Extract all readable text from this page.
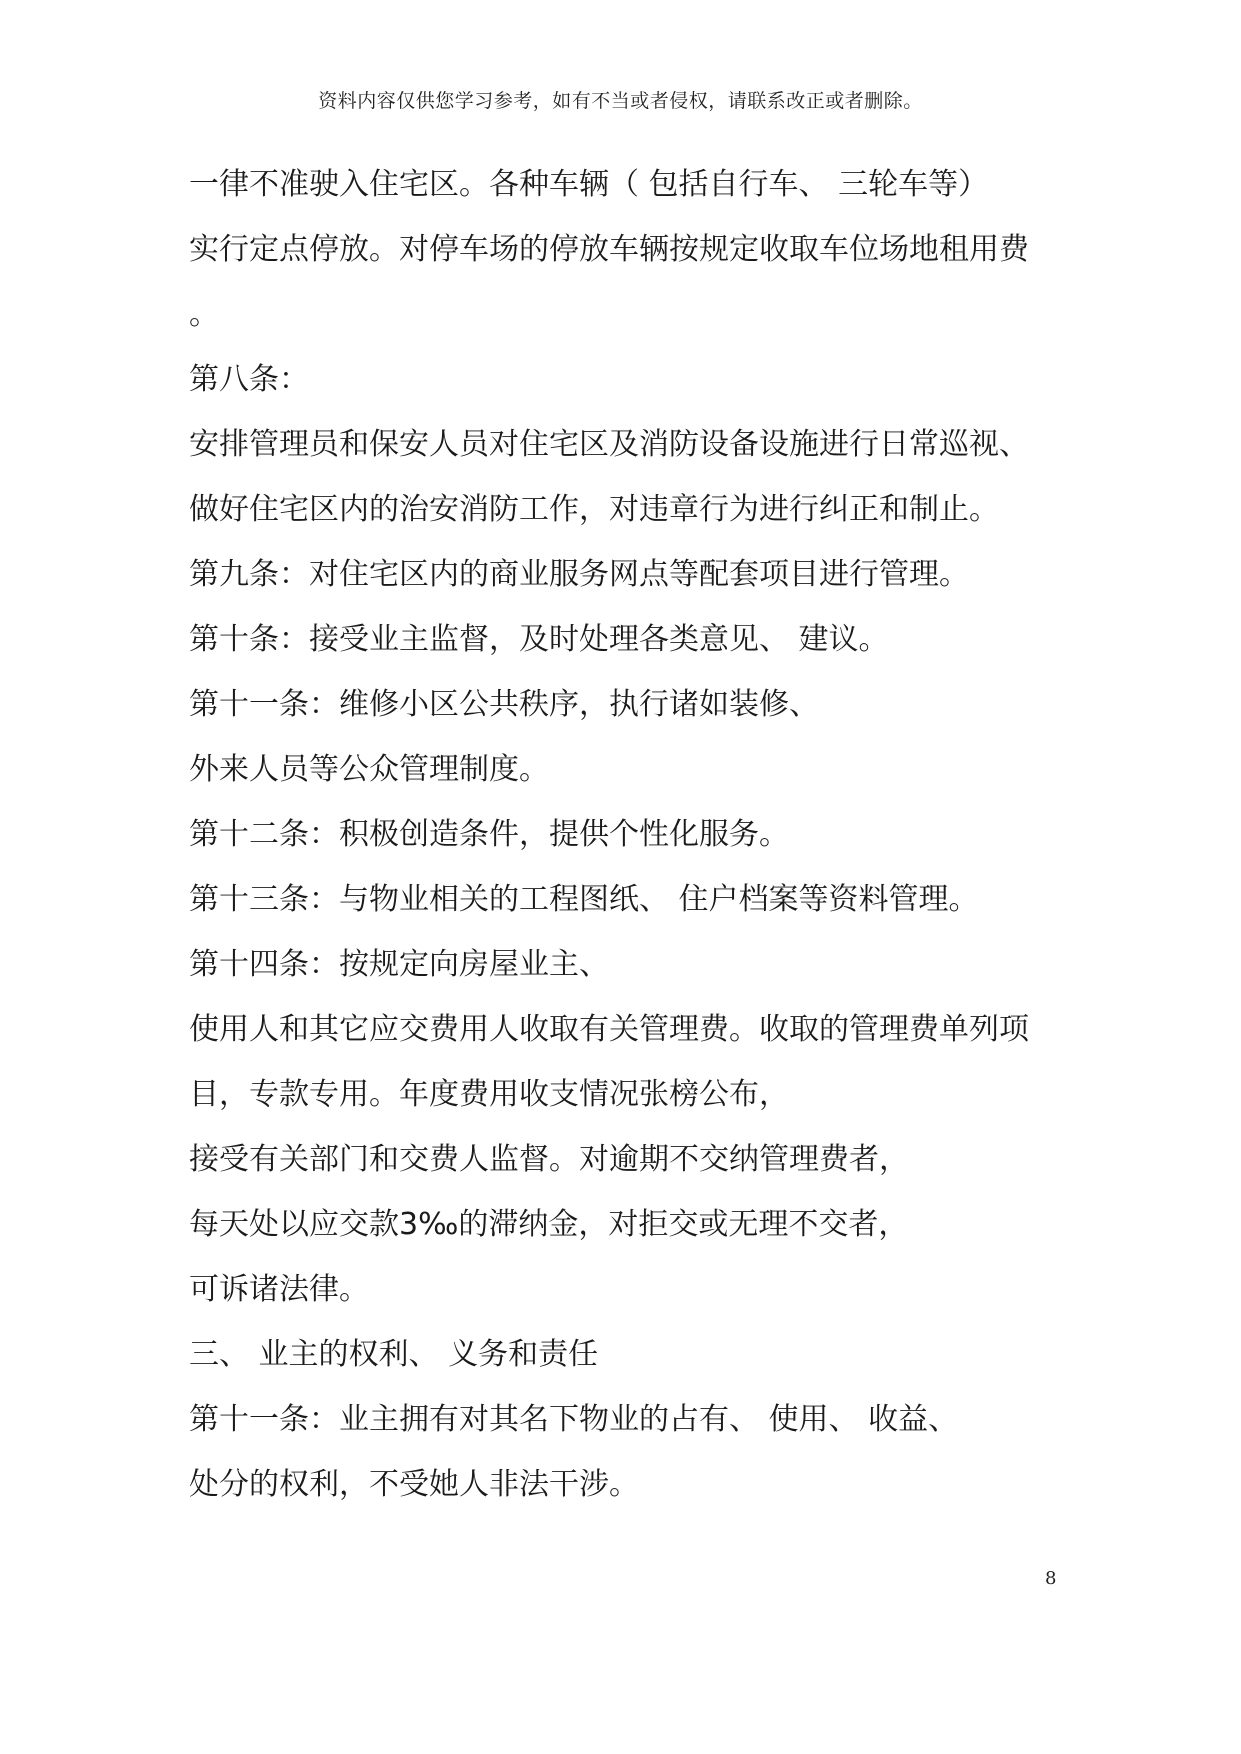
资料内容仅供您学习参考，如有不当或者侵权，请联系改正或者删除。
一律不准驶入住宅区。各种车辆（ 包括自行车、 三轮车等）
实行定点停放。对停车场的停放车辆按规定收取车位场地租用费
。
第八条：
安排管理员和保安人员对住宅区及消防设备设施进行日常巡视、
做好住宅区内的治安消防工作，对违章行为进行纠正和制止。
第九条：对住宅区内的商业服务网点等配套项目进行管理。
第十条：接受业主监督，及时处理各类意见、 建议。
第十一条：维修小区公共秩序，执行诸如装修、
外来人员等公众管理制度。
第十二条：积极创造条件，提供个性化服务。
第十三条：与物业相关的工程图纸、 住户档案等资料管理。
第十四条：按规定向房屋业主、
使用人和其它应交费用人收取有关管理费。收取的管理费单列项
目，专款专用。年度费用收支情况张榜公布，
接受有关部门和交费人监督。对逾期不交纳管理费者，
每天处以应交款3‰的滞纳金，对拒交或无理不交者，
可诉诸法律。
三、 业主的权利、 义务和责任
第十一条：业主拥有对其名下物业的占有、 使用、 收益、
处分的权利，不受她人非法干涉。
8
